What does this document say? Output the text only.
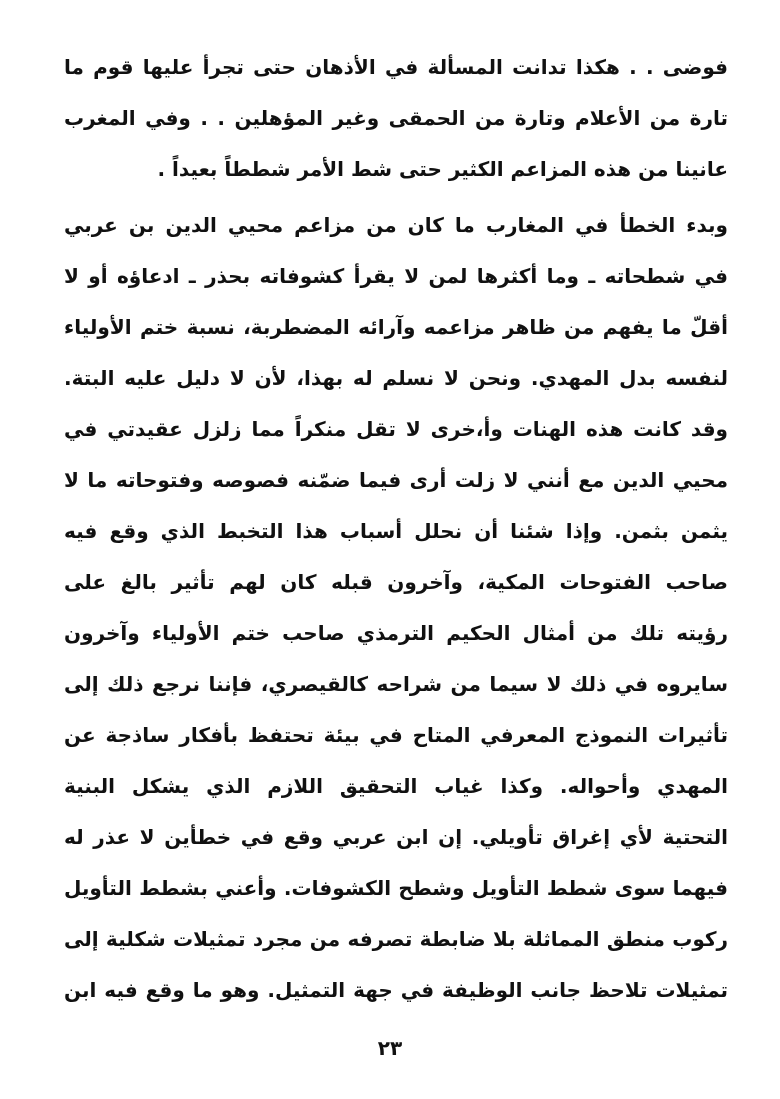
فوضى . . هكذا تدانت المسألة في الأذهان حتى تجرأ عليها قوم ما
تارة من الأعلام وتارة من الحمقى وغير المؤهلين . . وفي المغرب
عانينا من هذه المزاعم الكثير حتى شط الأمر شططاً بعيداً .
وبدء الخطأ في المغارب ما كان من مزاعم محيي الدين بن عربي
في شطحاته ـ وما أكثرها لمن لا يقرأ كشوفاته بحذر ـ ادعاؤه أو لا
أقلّ ما يفهم من ظاهر مزاعمه وآرائه المضطربة، نسبة ختم الأولياء
لنفسه بدل المهدي. ونحن لا نسلم له بهذا، لأن لا دليل عليه البتة.
وقد كانت هذه الهنات وأ،خرى لا تقل منكراً مما زلزل عقيدتي في
محيي الدين مع أنني لا زلت أرى فيما ضمّنه فصوصه وفتوحاته ما لا
يثمن بثمن. وإذا شئنا أن نحلل أسباب هذا التخبط الذي وقع فيه
صاحب الفتوحات المكية، وآخرون قبله كان لهم تأثير بالغ على
رؤيته تلك من أمثال الحكيم الترمذي صاحب ختم الأولياء وآخرون
سايروه في ذلك لا سيما من شراحه كالقيصري، فإننا نرجع ذلك إلى
تأثيرات النموذج المعرفي المتاح في بيئة تحتفظ بأفكار ساذجة عن
المهدي وأحواله. وكذا غياب التحقيق اللازم الذي يشكل البنية
التحتية لأي إغراق تأويلي. إن ابن عربي وقع في خطأين لا عذر له
فيهما سوى شطط التأويل وشطح الكشوفات. وأعني بشطط التأويل
ركوب منطق المماثلة بلا ضابطة تصرفه من مجرد تمثيلات شكلية إلى
تمثيلات تلاحظ جانب الوظيفة في جهة التمثيل. وهو ما وقع فيه ابن
٢٣
